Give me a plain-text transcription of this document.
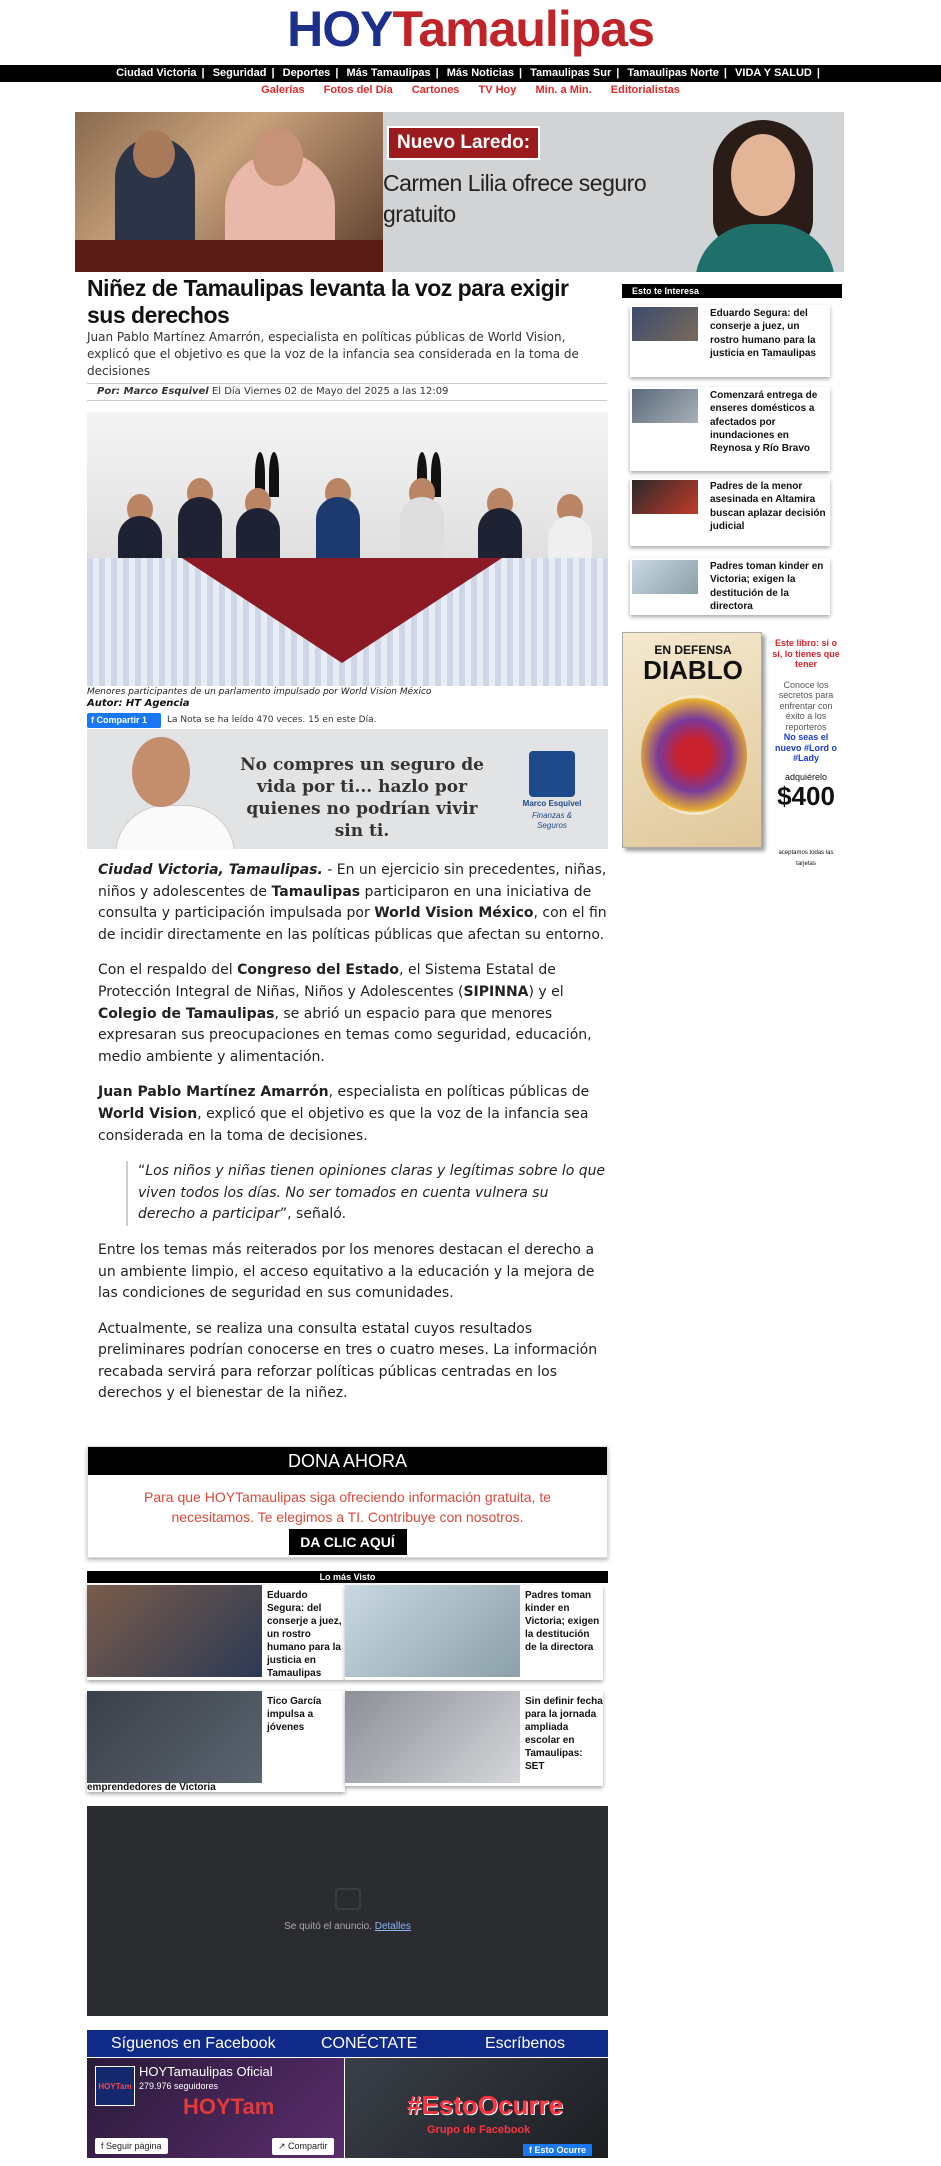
HOYTamaulipas
Ciudad Victoria | Seguridad | Deportes | Más Tamaulipas | Más Noticias | Tamaulipas Sur | Tamaulipas Norte | VIDA Y SALUD |
Galerías Fotos del Día Cartones TV Hoy Min. a Min. Editorialistas
Nuevo Laredo:
Carmen Lilia ofrece seguro gratuito
Niñez de Tamaulipas levanta la voz para exigir sus derechos
Juan Pablo Martínez Amarrón, especialista en políticas públicas de World Vision, explicó que el objetivo es que la voz de la infancia sea considerada en la toma de decisiones
Por: Marco Esquivel El Día Viernes 02 de Mayo del 2025 a las 12:09
Menores participantes de un parlamento impulsado por World Vision México
Autor: HT Agencia
f Compartir 1	La Nota se ha leído 470 veces. 15 en este Día.
No compres un seguro de vida por ti... hazlo por quienes no podrían vivir sin ti.
Marco Esquivel
Finanzas & Seguros

Ciudad Victoria, Tamaulipas. - En un ejercicio sin precedentes, niñas, niños y adolescentes de Tamaulipas participaron en una iniciativa de consulta y participación impulsada por World Vision México, con el fin de incidir directamente en las políticas públicas que afectan su entorno.

Con el respaldo del Congreso del Estado, el Sistema Estatal de Protección Integral de Niñas, Niños y Adolescentes (SIPINNA) y el Colegio de Tamaulipas, se abrió un espacio para que menores expresaran sus preocupaciones en temas como seguridad, educación, medio ambiente y alimentación.

Juan Pablo Martínez Amarrón, especialista en políticas públicas de World Vision, explicó que el objetivo es que la voz de la infancia sea considerada en la toma de decisiones.

“Los niños y niñas tienen opiniones claras y legítimas sobre lo que viven todos los días. No ser tomados en cuenta vulnera su derecho a participar”, señaló.

Entre los temas más reiterados por los menores destacan el derecho a un ambiente limpio, el acceso equitativo a la educación y la mejora de las condiciones de seguridad en sus comunidades.

Actualmente, se realiza una consulta estatal cuyos resultados preliminares podrían conocerse en tres o cuatro meses. La información recabada servirá para reforzar políticas públicas centradas en los derechos y el bienestar de la niñez.

DONA AHORA
Para que HOYTamaulipas siga ofreciendo información gratuita, te necesitamos. Te elegimos a TI. Contribuye con nosotros.
DA CLIC AQUÍ
Lo más Visto
Eduardo Segura: del conserje a juez, un rostro humano para la justicia en Tamaulipas
Padres toman kinder en Victoria; exigen la destitución de la directora
Tico García impulsa a jóvenes
emprendedores de Victoria
Sin definir fecha para la jornada ampliada escolar en Tamaulipas: SET
Se quitó el anuncio. Detalles
Síguenos en Facebook	CONÉCTATE	Escríbenos
HOYTam
HOYTamaulipas Oficial
279.976 seguidores
HOYTam
f Seguir página	↗ Compartir
#EstoOcurre
Grupo de Facebook
f Esto Ocurre
Esto te Interesa
Eduardo Segura: del conserje a juez, un rostro humano para la justicia en Tamaulipas
Comenzará entrega de enseres domésticos a afectados por inundaciones en Reynosa y Río Bravo
Padres de la menor asesinada en Altamira buscan aplazar decisión judicial
Padres toman kinder en Victoria; exigen la destitución de la directora
EN DEFENSA
DIABLO
Este libro: si o sí, lo tienes que tener
Conoce los secretos para enfrentar con éxito a los reporteros
No seas el nuevo #Lord o #Lady
adquiérelo
$400
aceptamos todas las tarjetas
